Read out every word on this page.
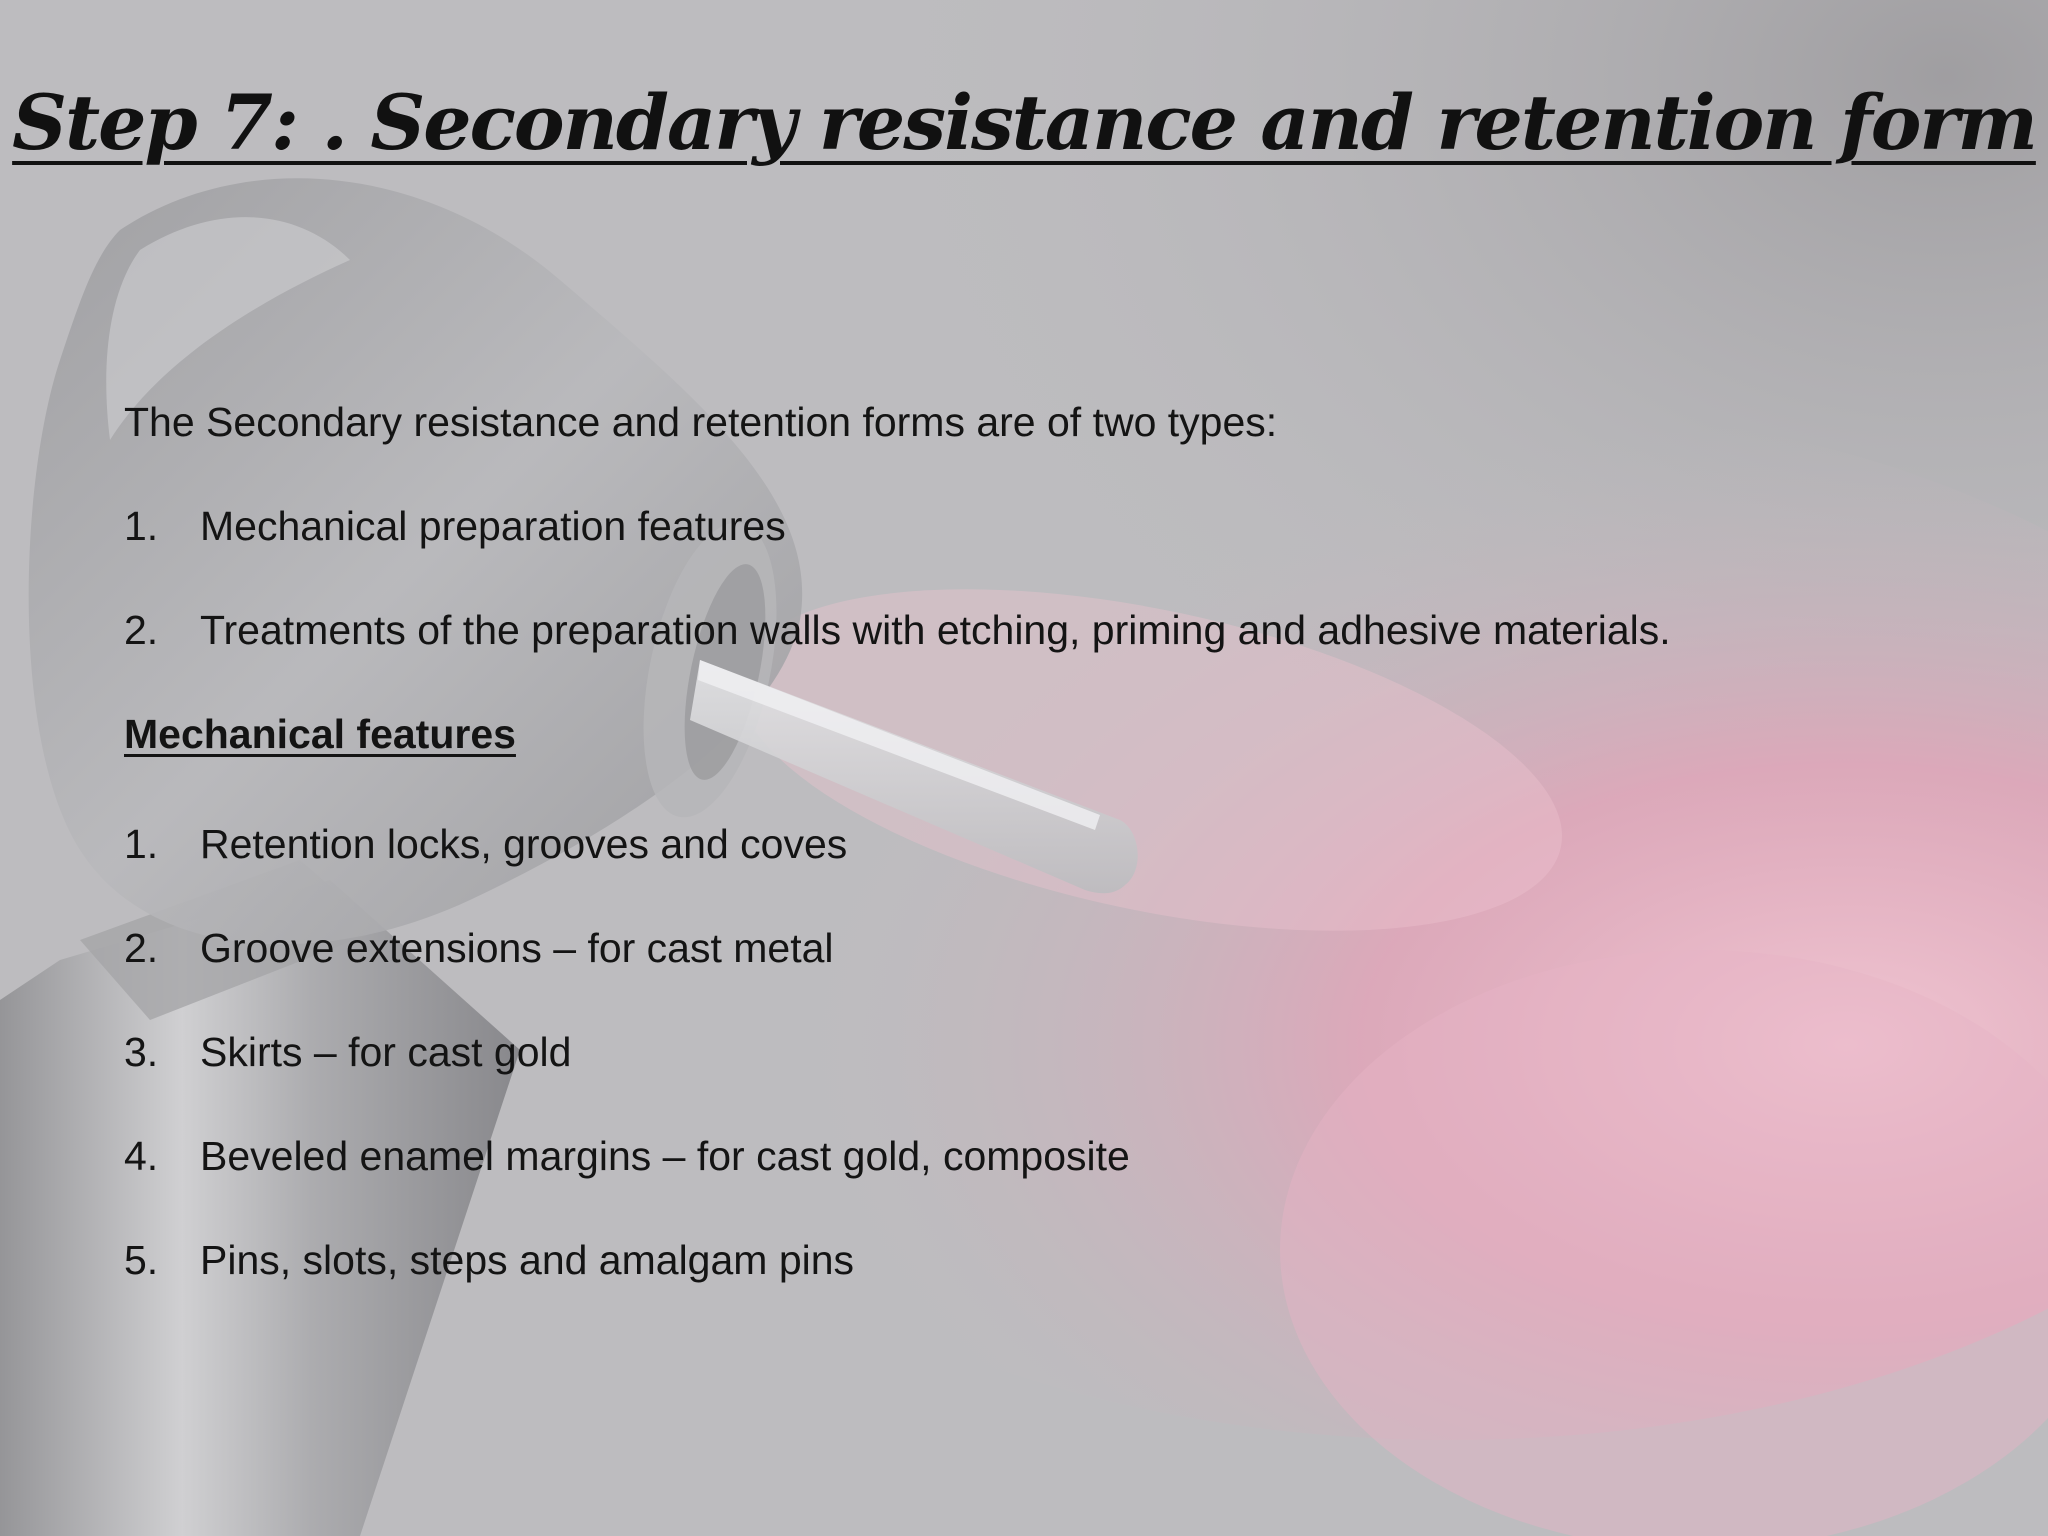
Step 7: . Secondary resistance and retention form
The Secondary resistance and retention forms are of two types:
1. Mechanical preparation features
2. Treatments of the preparation walls with etching, priming and adhesive materials.
Mechanical features
1. Retention locks, grooves and coves
2. Groove extensions – for cast metal
3. Skirts – for cast gold
4. Beveled enamel margins – for cast gold, composite
5. Pins, slots, steps and amalgam pins
